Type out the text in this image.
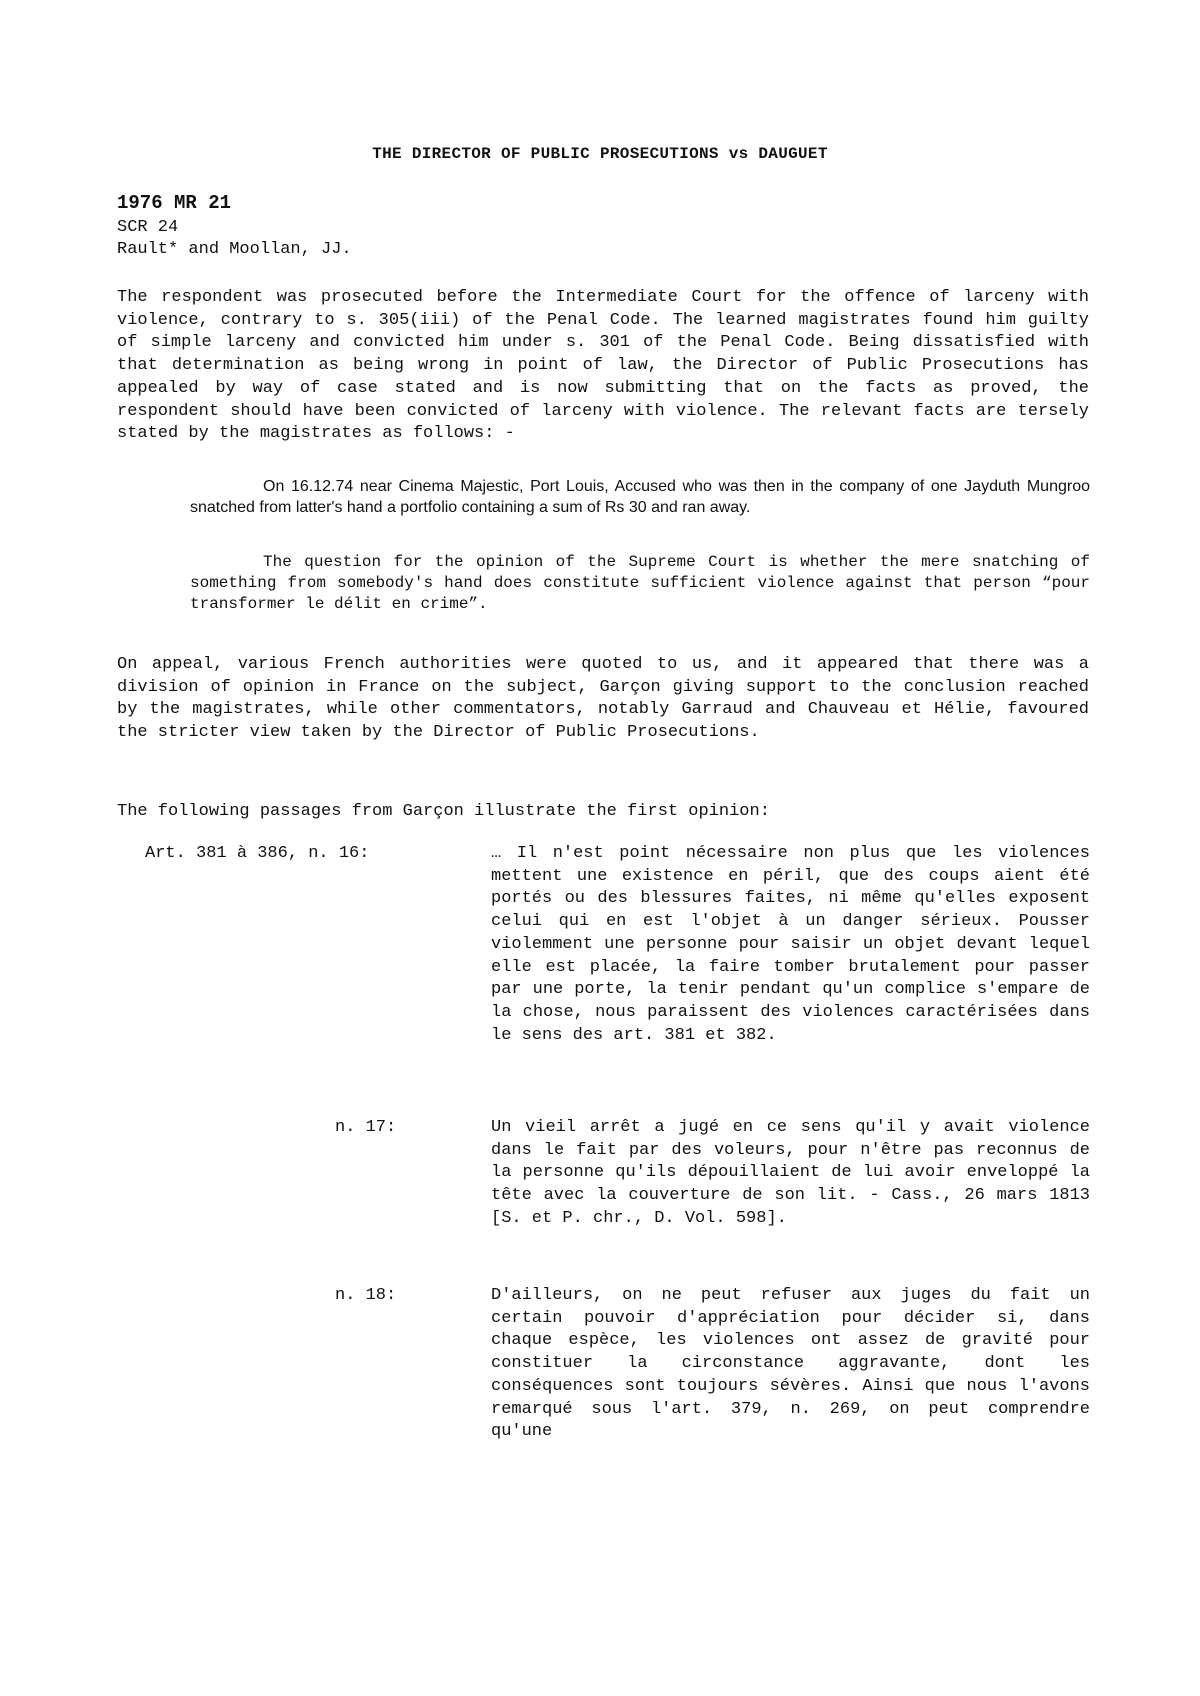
THE DIRECTOR OF PUBLIC PROSECUTIONS vs DAUGUET
1976 MR 21
SCR 24
Rault* and Moollan, JJ.

The respondent was prosecuted before the Intermediate Court for the offence of larceny with violence, contrary to s. 305(iii) of the Penal Code. The learned magistrates found him guilty of simple larceny and convicted him under s. 301 of the Penal Code. Being dissatisfied with that determination as being wrong in point of law, the Director of Public Prosecutions has appealed by way of case stated and is now submitting that on the facts as proved, the respondent should have been convicted of larceny with violence. The relevant facts are tersely stated by the magistrates as follows: -

On 16.12.74 near Cinema Majestic, Port Louis, Accused who was then in the company of one Jayduth Mungroo snatched from latter's hand a portfolio containing a sum of Rs 30 and ran away.

The question for the opinion of the Supreme Court is whether the mere snatching of something from somebody's hand does constitute sufficient violence against that person “pour transformer le délit en crime”.

On appeal, various French authorities were quoted to us, and it appeared that there was a division of opinion in France on the subject, Garçon giving support to the conclusion reached by the magistrates, while other commentators, notably Garraud and Chauveau et Hélie, favoured the stricter view taken by the Director of Public Prosecutions.

The following passages from Garçon illustrate the first opinion:

Art. 381 à 386, n. 16:	… Il n'est point nécessaire non plus que les violences mettent une existence en péril, que des coups aient été portés ou des blessures faites, ni même qu'elles exposent celui qui en est l'objet à un danger sérieux. Pousser violemment une personne pour saisir un objet devant lequel elle est placée, la faire tomber brutalement pour passer par une porte, la tenir pendant qu'un complice s'empare de la chose, nous paraissent des violences caractérisées dans le sens des art. 381 et 382.

n. 17:	Un vieil arrêt a jugé en ce sens qu'il y avait violence dans le fait par des voleurs, pour n'être pas reconnus de la personne qu'ils dépouillaient de lui avoir enveloppé la tête avec la couverture de son lit. - Cass., 26 mars 1813 [S. et P. chr., D. Vol. 598].

n. 18:	D'ailleurs, on ne peut refuser aux juges du fait un certain pouvoir d'appréciation pour décider si, dans chaque espèce, les violences ont assez de gravité pour constituer la circonstance aggravante, dont les conséquences sont toujours sévères. Ainsi que nous l'avons remarqué sous l'art. 379, n. 269, on peut comprendre qu'une
